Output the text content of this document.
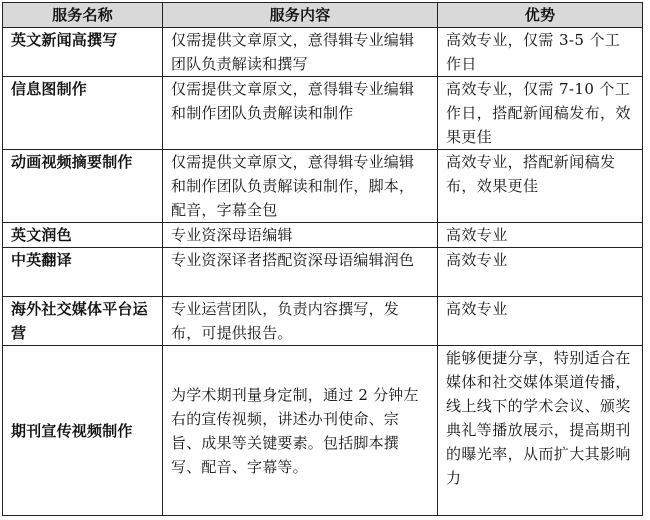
服务名称	服务内容	优势
英文新闻高撰写	仅需提供文章原文，意得辑专业编辑团队负责解读和撰写	高效专业，仅需 3-5 个工作日
信息图制作	仅需提供文章原文，意得辑专业编辑和制作团队负责解读和制作	高效专业，仅需 7-10 个工作日，搭配新闻稿发布，效果更佳
动画视频摘要制作	仅需提供文章原文，意得辑专业编辑和制作团队负责解读和制作，脚本，配音，字幕全包	高效专业，搭配新闻稿发布，效果更佳
英文润色	专业资深母语编辑	高效专业
中英翻译	专业资深译者搭配资深母语编辑润色	高效专业
海外社交媒体平台运营	专业运营团队，负责内容撰写，发布，可提供报告。	高效专业
期刊宣传视频制作	为学术期刊量身定制，通过 2 分钟左右的宣传视频，讲述办刊使命、宗旨、成果等关键要素。包括脚本撰写、配音、字幕等。	能够便捷分享，特别适合在媒体和社交媒体渠道传播，线上线下的学术会议、颁奖典礼等播放展示，提高期刊的曝光率，从而扩大其影响力
